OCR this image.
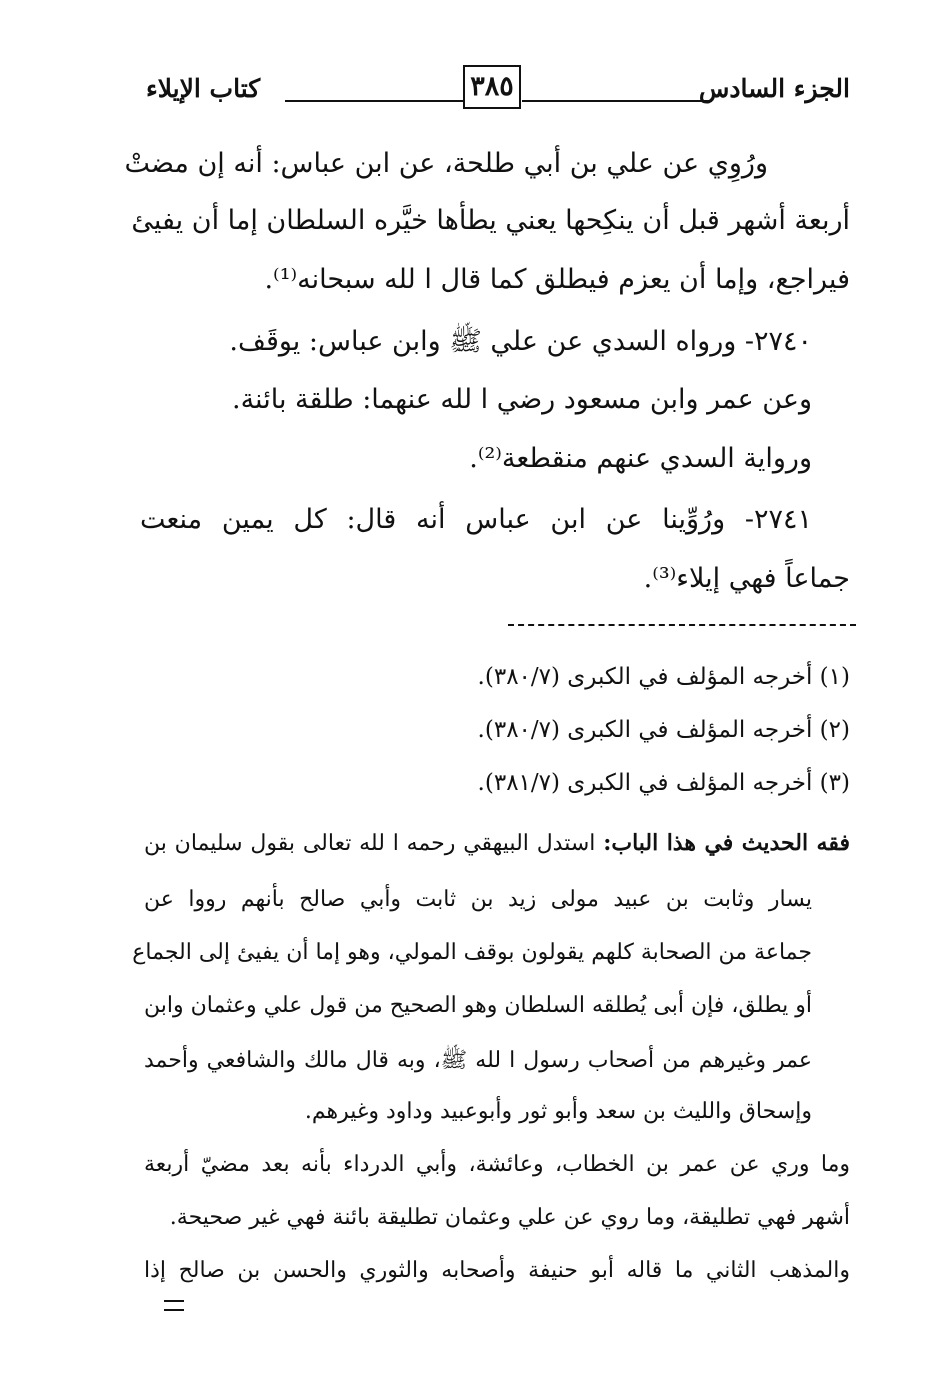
الجزء السادس
٣٨٥
كتاب الإيلاء
ورُوِي عن علي بن أبي طلحة، عن ابن عباس: أنه إن مضتْ
أربعة أشهر قبل أن ينكِحها يعني يطأها خيَّره السلطان إما أن يفيئ
فيراجع، وإما أن يعزم فيطلق كما قال ا لله سبحانه⁽¹⁾.
٢٧٤٠- ورواه السدي عن علي ﷺ وابن عباس: يوقَف.
وعن عمر وابن مسعود رضي ا لله عنهما: طلقة بائنة.
ورواية السدي عنهم منقطعة⁽²⁾.
٢٧٤١- ورُوِّينا عن ابن عباس أنه قال: كل يمين منعت
جماعاً فهي إيلاء⁽³⁾.
(١) أخرجه المؤلف في الكبرى (٣٨٠/٧).
(٢) أخرجه المؤلف في الكبرى (٣٨٠/٧).
(٣) أخرجه المؤلف في الكبرى (٣٨١/٧).
فقه الحديث في هذا الباب: استدل البيهقي رحمه ا لله تعالى بقول سليمان بن
يسار وثابت بن عبيد مولى زيد بن ثابت وأبي صالح بأنهم رووا عن
جماعة من الصحابة كلهم يقولون بوقف المولي، وهو إما أن يفيئ إلى الجماع
أو يطلق، فإن أبى يُطلقه السلطان وهو الصحيح من قول علي وعثمان وابن
عمر وغيرهم من أصحاب رسول ا لله ﷺ، وبه قال مالك والشافعي وأحمد
وإسحاق والليث بن سعد وأبو ثور وأبوعبيد وداود وغيرهم.
وما وري عن عمر بن الخطاب، وعائشة، وأبي الدرداء بأنه بعد مضيّ أربعة
أشهر فهي تطليقة، وما روي عن علي وعثمان تطليقة بائنة فهي غير صحيحة.
والمذهب الثاني ما قاله أبو حنيفة وأصحابه والثوري والحسن بن صالح إذا
